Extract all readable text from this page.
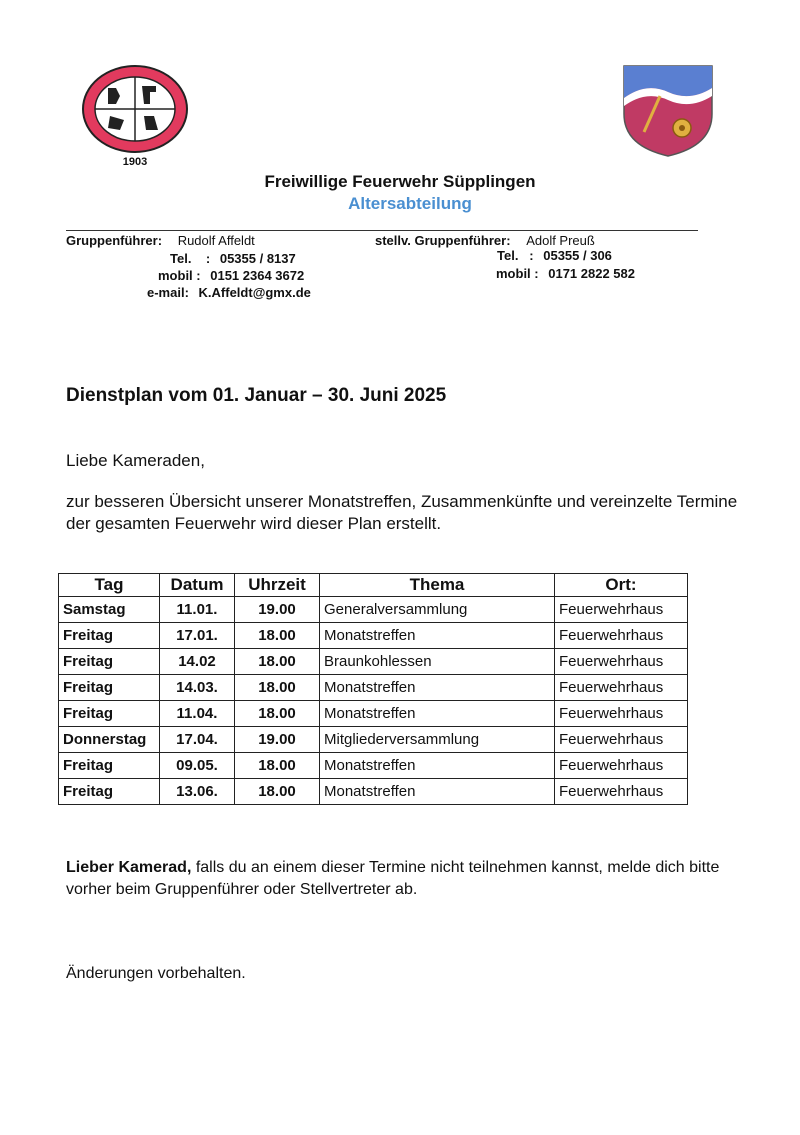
1903
Freiwillige Feuerwehr Süpplingen
Altersabteilung
Gruppenführer: Rudolf Affeldt
Tel.    : 05355 / 8137
mobil : 0151 2364 3672
e-mail: K.Affeldt@gmx.de
stellv. Gruppenführer: Adolf Preuß
Tel.   : 05355 / 306
mobil : 0171 2822 582
Dienstplan vom 01. Januar – 30. Juni 2025
Liebe Kameraden,
zur besseren Übersicht unserer Monatstreffen, Zusammenkünfte und vereinzelte Termine der gesamten Feuerwehr wird dieser Plan erstellt.
Tag	Datum	Uhrzeit	Thema	Ort:
Samstag	11.01.	19.00	Generalversammlung	Feuerwehrhaus
Freitag	17.01.	18.00	Monatstreffen	Feuerwehrhaus
Freitag	14.02	18.00	Braunkohlessen	Feuerwehrhaus
Freitag	14.03.	18.00	Monatstreffen	Feuerwehrhaus
Freitag	11.04.	18.00	Monatstreffen	Feuerwehrhaus
Donnerstag	17.04.	19.00	Mitgliederversammlung	Feuerwehrhaus
Freitag	09.05.	18.00	Monatstreffen	Feuerwehrhaus
Freitag	13.06.	18.00	Monatstreffen	Feuerwehrhaus
Lieber Kamerad, falls du an einem dieser Termine nicht teilnehmen kannst, melde dich bitte vorher beim Gruppenführer oder Stellvertreter ab.
Änderungen vorbehalten.
